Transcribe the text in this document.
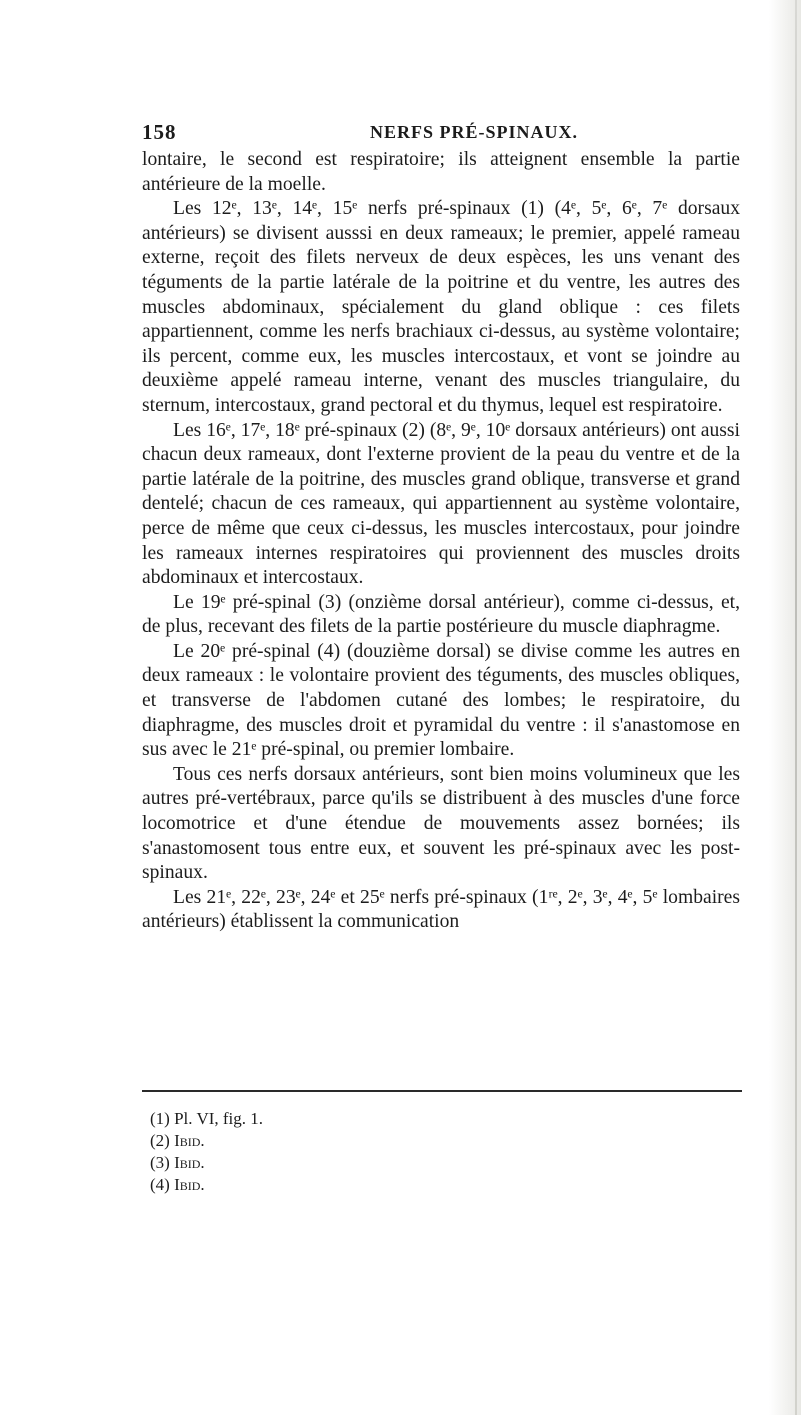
158	NERFS PRÉ-SPINAUX.

lontaire, le second est respiratoire; ils atteignent ensemble la partie antérieure de la moelle.

Les 12ᵉ, 13ᵉ, 14ᵉ, 15ᵉ nerfs pré-spinaux (1) (4ᵉ, 5ᵉ, 6ᵉ, 7ᵉ dorsaux antérieurs) se divisent ausssi en deux rameaux; le premier, appelé rameau externe, reçoit des filets nerveux de deux espèces, les uns venant des téguments de la partie latérale de la poitrine et du ventre, les autres des muscles abdominaux, spécialement du gland oblique : ces filets appartiennent, comme les nerfs brachiaux ci-dessus, au système volontaire; ils percent, comme eux, les muscles intercostaux, et vont se joindre au deuxième appelé rameau interne, venant des muscles triangulaire, du sternum, intercostaux, grand pectoral et du thymus, lequel est respiratoire.

Les 16ᵉ, 17ᵉ, 18ᵉ pré-spinaux (2) (8ᵉ, 9ᵉ, 10ᵉ dorsaux antérieurs) ont aussi chacun deux rameaux, dont l'externe provient de la peau du ventre et de la partie latérale de la poitrine, des muscles grand oblique, transverse et grand dentelé; chacun de ces rameaux, qui appartiennent au système volontaire, perce de même que ceux ci-dessus, les muscles intercostaux, pour joindre les rameaux internes respiratoires qui proviennent des muscles droits abdominaux et intercostaux.

Le 19ᵉ pré-spinal (3) (onzième dorsal antérieur), comme ci-dessus, et, de plus, recevant des filets de la partie postérieure du muscle diaphragme.

Le 20ᵉ pré-spinal (4) (douzième dorsal) se divise comme les autres en deux rameaux : le volontaire provient des téguments, des muscles obliques, et transverse de l'abdomen cutané des lombes; le respiratoire, du diaphragme, des muscles droit et pyramidal du ventre : il s'anastomose en sus avec le 21ᵉ pré-spinal, ou premier lombaire.

Tous ces nerfs dorsaux antérieurs, sont bien moins volumineux que les autres pré-vertébraux, parce qu'ils se distribuent à des muscles d'une force locomotrice et d'une étendue de mouvements assez bornées; ils s'anastomosent tous entre eux, et souvent les pré-spinaux avec les post-spinaux.

Les 21ᵉ, 22ᵉ, 23ᵉ, 24ᵉ et 25ᵉ nerfs pré-spinaux (1ʳᵉ, 2ᵉ, 3ᵉ, 4ᵉ, 5ᵉ lombaires antérieurs) établissent la communication

(1) Pl. VI, fig. 1.
(2) Ibid.
(3) Ibid.
(4) Ibid.
